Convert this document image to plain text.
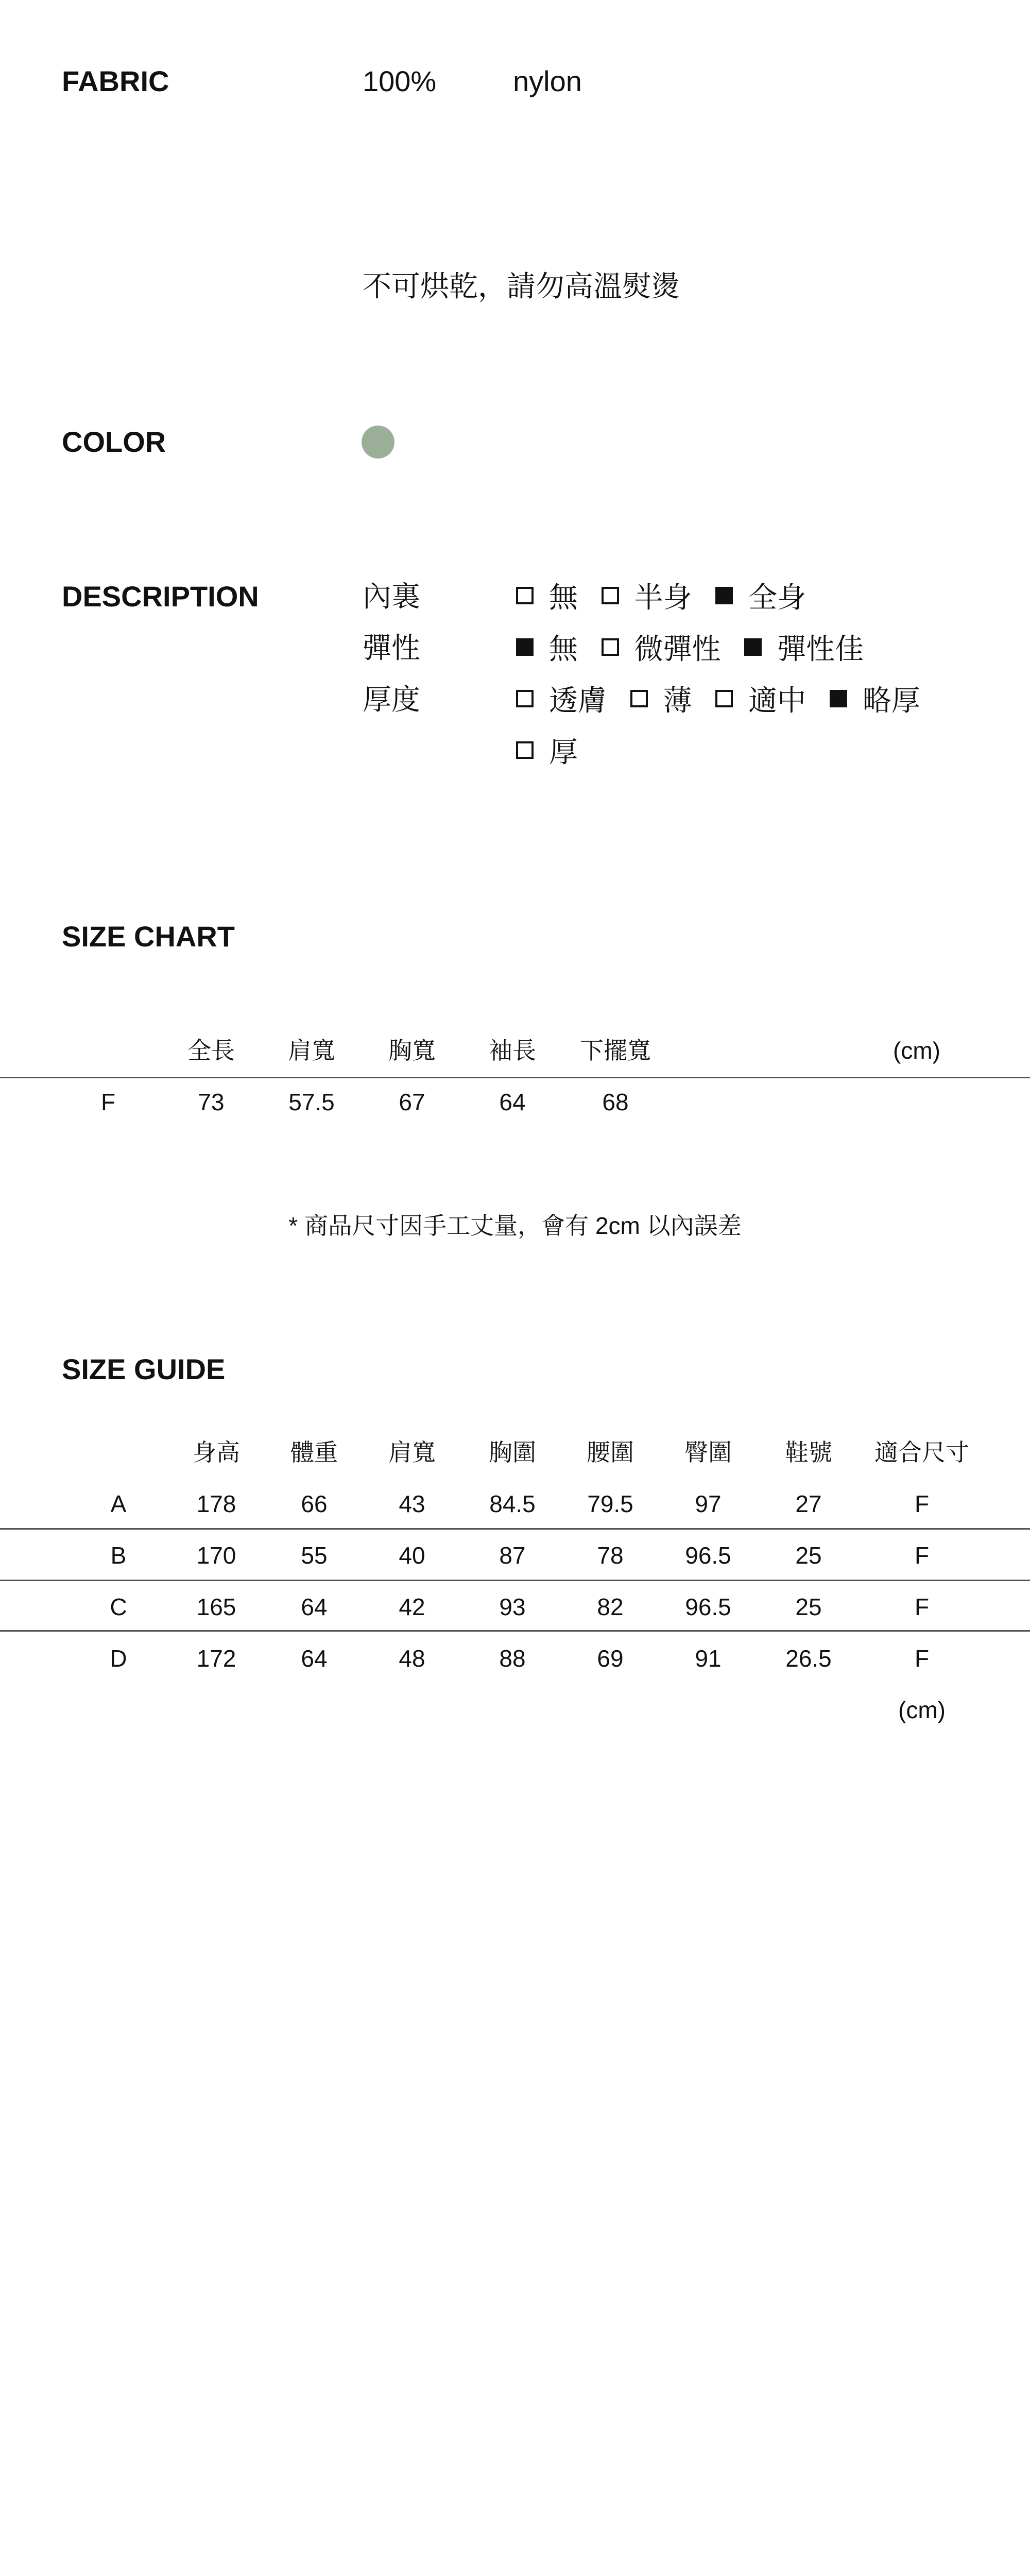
FABRIC	100%	nylon
不可烘乾，請勿高溫熨燙
COLOR
DESCRIPTION	內裏	無
半身
全身
彈性	無
微彈性
彈性佳
厚度	透膚
薄
適中
略厚
厚
SIZE CHART
全長	肩寬	胸寬	袖長	下擺寬	(cm)
F	73	57.5	67	64	68
* 商品尺寸因手工丈量，會有 2cm 以內誤差
SIZE GUIDE
身高	體重	肩寬	胸圍	腰圍	臀圍	鞋號	適合尺寸
A	178	66	43	84.5	79.5	97	27	F
B	170	55	40	87	78	96.5	25	F
C	165	64	42	93	82	96.5	25	F
D	172	64	48	88	69	91	26.5	F
(cm)
